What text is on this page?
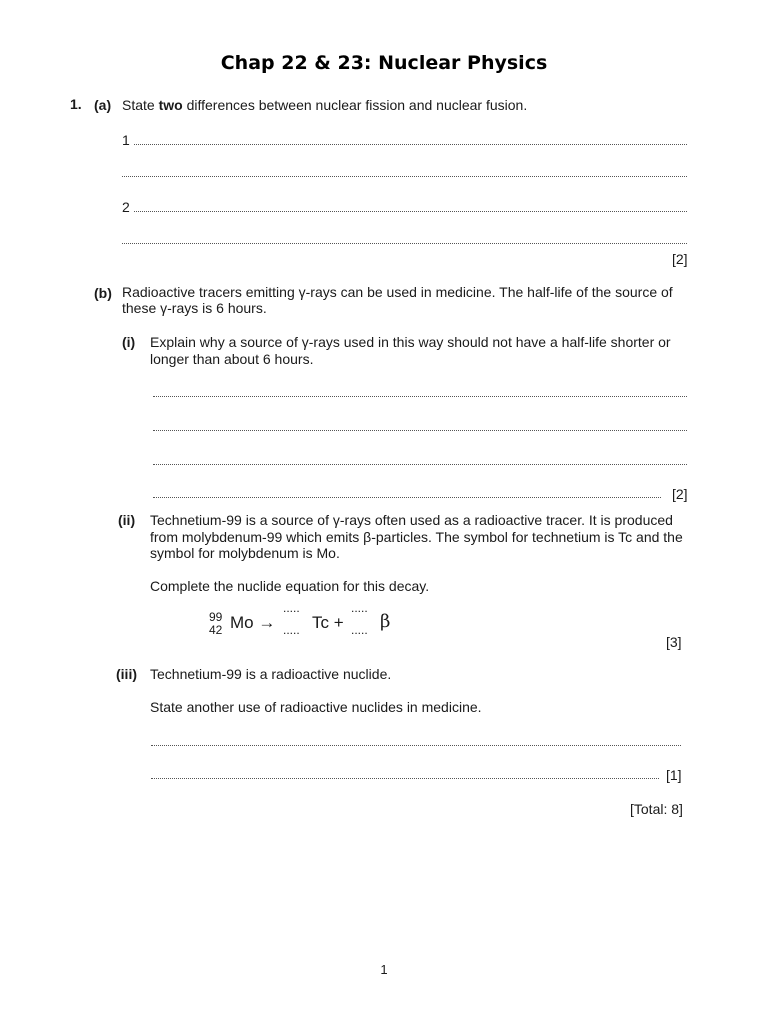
Chap 22 & 23: Nuclear Physics
1. (a) State two differences between nuclear fission and nuclear fusion.
1
2
[2]
(b) Radioactive tracers emitting γ-rays can be used in medicine. The half-life of the source of
these γ-rays is 6 hours.
(i) Explain why a source of γ-rays used in this way should not have a half-life shorter or
longer than about 6 hours.
[2]
(ii) Technetium-99 is a source of γ-rays often used as a radioactive tracer. It is produced
from molybdenum-99 which emits β-particles. The symbol for technetium is Tc and the
symbol for molybdenum is Mo.
Complete the nuclide equation for this decay.
99
42 Mo →
.....
..... Tc +
.....
..... β
[3]
(iii) Technetium-99 is a radioactive nuclide.
State another use of radioactive nuclides in medicine.
[1]
[Total: 8]
1
